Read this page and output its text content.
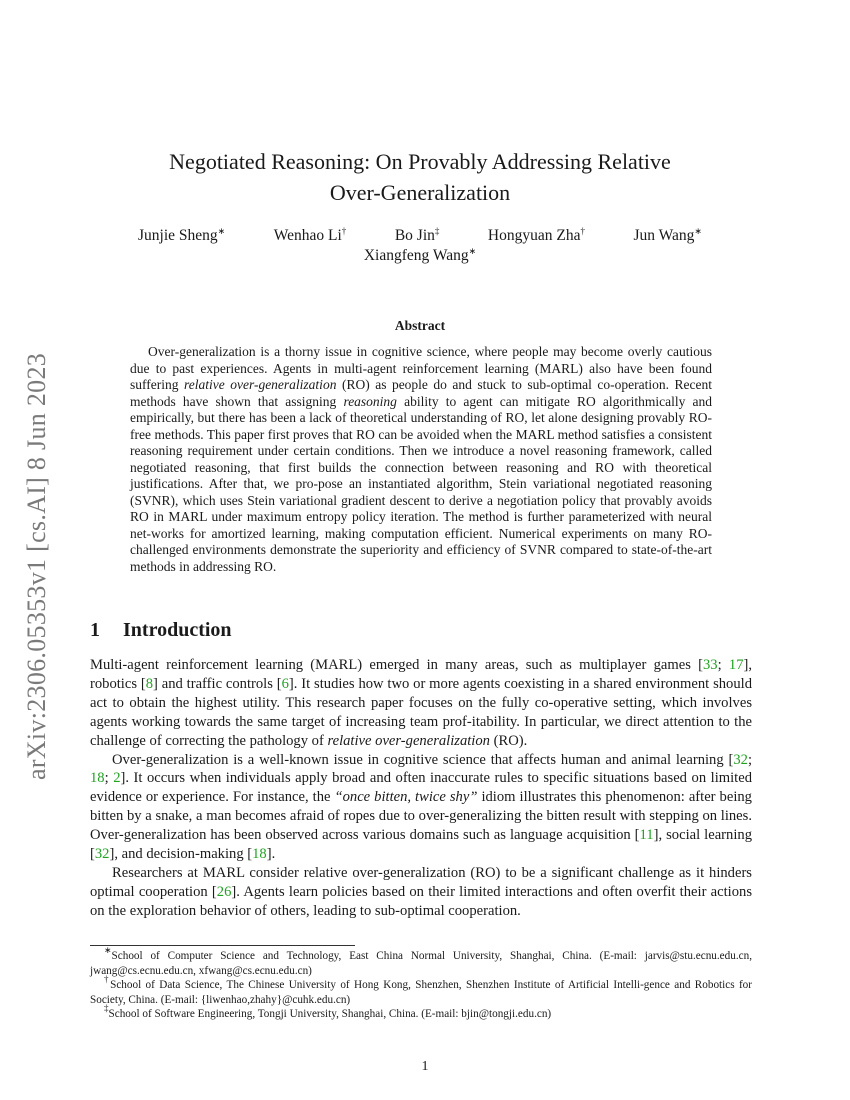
arXiv:2306.05353v1 [cs.AI] 8 Jun 2023
Negotiated Reasoning: On Provably Addressing Relative
Over-Generalization
Junjie Sheng∗	Wenhao Li†	Bo Jin‡	Hongyuan Zha†	Jun Wang∗
Xiangfeng Wang∗
Abstract
Over-generalization is a thorny issue in cognitive science, where people may become overly cautious due to past experiences. Agents in multi-agent reinforcement learning (MARL) also have been found suffering relative over-generalization (RO) as people do and stuck to sub-optimal co-operation. Recent methods have shown that assigning reasoning ability to agent can mitigate RO algorithmically and empirically, but there has been a lack of theoretical understanding of RO, let alone designing provably RO-free methods. This paper first proves that RO can be avoided when the MARL method satisfies a consistent reasoning requirement under certain conditions. Then we introduce a novel reasoning framework, called negotiated reasoning, that first builds the connection between reasoning and RO with theoretical justifications. After that, we pro-pose an instantiated algorithm, Stein variational negotiated reasoning (SVNR), which uses Stein variational gradient descent to derive a negotiation policy that provably avoids RO in MARL under maximum entropy policy iteration. The method is further parameterized with neural net-works for amortized learning, making computation efficient. Numerical experiments on many RO-challenged environments demonstrate the superiority and efficiency of SVNR compared to state-of-the-art methods in addressing RO.
1 Introduction

Multi-agent reinforcement learning (MARL) emerged in many areas, such as multiplayer games [33; 17], robotics [8] and traffic controls [6]. It studies how two or more agents coexisting in a shared environment should act to obtain the highest utility. This research paper focuses on the fully co-operative setting, which involves agents working towards the same target of increasing team prof-itability. In particular, we direct attention to the challenge of correcting the pathology of relative over-generalization (RO).

Over-generalization is a well-known issue in cognitive science that affects human and animal learning [32; 18; 2]. It occurs when individuals apply broad and often inaccurate rules to specific situations based on limited evidence or experience. For instance, the “once bitten, twice shy” idiom illustrates this phenomenon: after being bitten by a snake, a man becomes afraid of ropes due to over-generalizing the bitten result with stepping on lines. Over-generalization has been observed across various domains such as language acquisition [11], social learning [32], and decision-making [18].

Researchers at MARL consider relative over-generalization (RO) to be a significant challenge as it hinders optimal cooperation [26]. Agents learn policies based on their limited interactions and often overfit their actions on the exploration behavior of others, leading to sub-optimal cooperation.

∗School of Computer Science and Technology, East China Normal University, Shanghai, China. (E-mail: jarvis@stu.ecnu.edu.cn, jwang@cs.ecnu.edu.cn, xfwang@cs.ecnu.edu.cn)

†School of Data Science, The Chinese University of Hong Kong, Shenzhen, Shenzhen Institute of Artificial Intelli-gence and Robotics for Society, China. (E-mail: {liwenhao,zhahy}@cuhk.edu.cn)

‡School of Software Engineering, Tongji University, Shanghai, China. (E-mail: bjin@tongji.edu.cn)

1
